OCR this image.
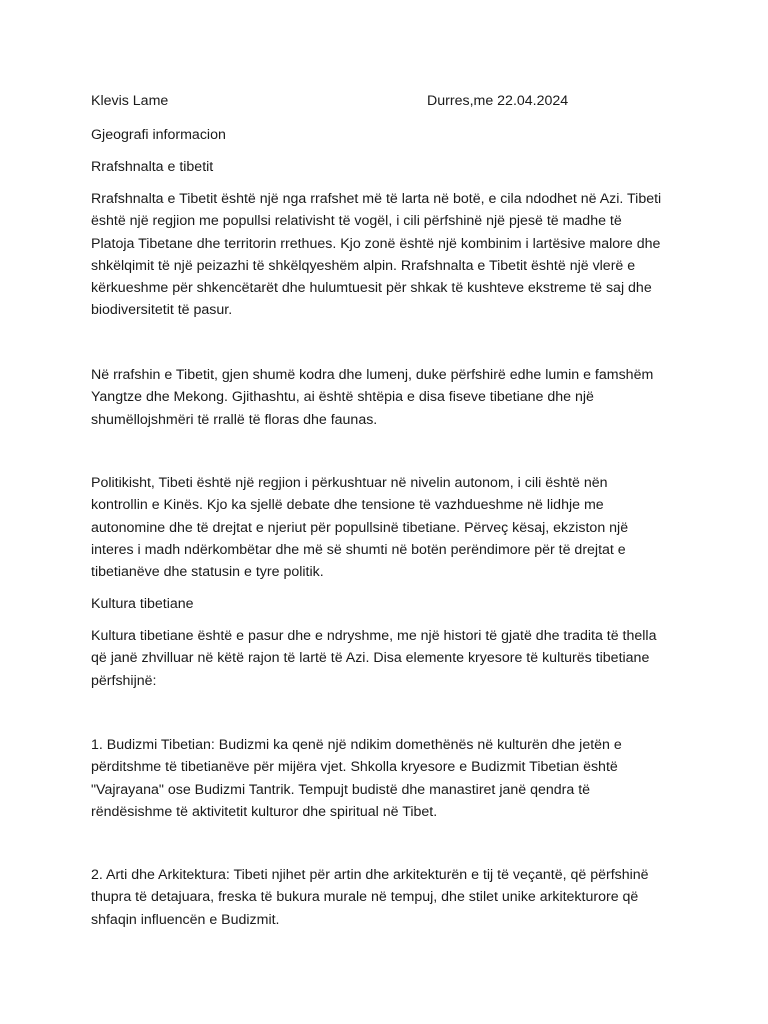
Klevis Lame	Durres,me 22.04.2024
Gjeografi informacion
Rrafshnalta e tibetit
Rrafshnalta e Tibetit është një nga rrafshet më të larta në botë, e cila ndodhet në Azi. Tibeti
është një regjion me popullsi relativisht të vogël, i cili përfshinë një pjesë të madhe të
Platoja Tibetane dhe territorin rrethues. Kjo zonë është një kombinim i lartësive malore dhe
shkëlqimit të një peizazhi të shkëlqyeshëm alpin. Rrafshnalta e Tibetit është një vlerë e
kërkueshme për shkencëtarët dhe hulumtuesit për shkak të kushteve ekstreme të saj dhe
biodiversitetit të pasur.
Në rrafshin e Tibetit, gjen shumë kodra dhe lumenj, duke përfshirë edhe lumin e famshëm
Yangtze dhe Mekong. Gjithashtu, ai është shtëpia e disa fiseve tibetiane dhe një
shumëllojshmëri të rrallë të floras dhe faunas.
Politikisht, Tibeti është një regjion i përkushtuar në nivelin autonom, i cili është nën
kontrollin e Kinës. Kjo ka sjellë debate dhe tensione të vazhdueshme në lidhje me
autonomine dhe të drejtat e njeriut për popullsinë tibetiane. Përveç kësaj, ekziston një
interes i madh ndërkombëtar dhe më së shumti në botën perëndimore për të drejtat e
tibetianëve dhe statusin e tyre politik.
Kultura tibetiane
Kultura tibetiane është e pasur dhe e ndryshme, me një histori të gjatë dhe tradita të thella
që janë zhvilluar në këtë rajon të lartë të Azi. Disa elemente kryesore të kulturës tibetiane
përfshijnë:
1. Budizmi Tibetian: Budizmi ka qenë një ndikim domethënës në kulturën dhe jetën e
përditshme të tibetianëve për mijëra vjet. Shkolla kryesore e Budizmit Tibetian është
"Vajrayana" ose Budizmi Tantrik. Tempujt budistë dhe manastiret janë qendra të
rëndësishme të aktivitetit kulturor dhe spiritual në Tibet.
2. Arti dhe Arkitektura: Tibeti njihet për artin dhe arkitekturën e tij të veçantë, që përfshinë
thupra të detajuara, freska të bukura murale në tempuj, dhe stilet unike arkitekturore që
shfaqin influencën e Budizmit.
